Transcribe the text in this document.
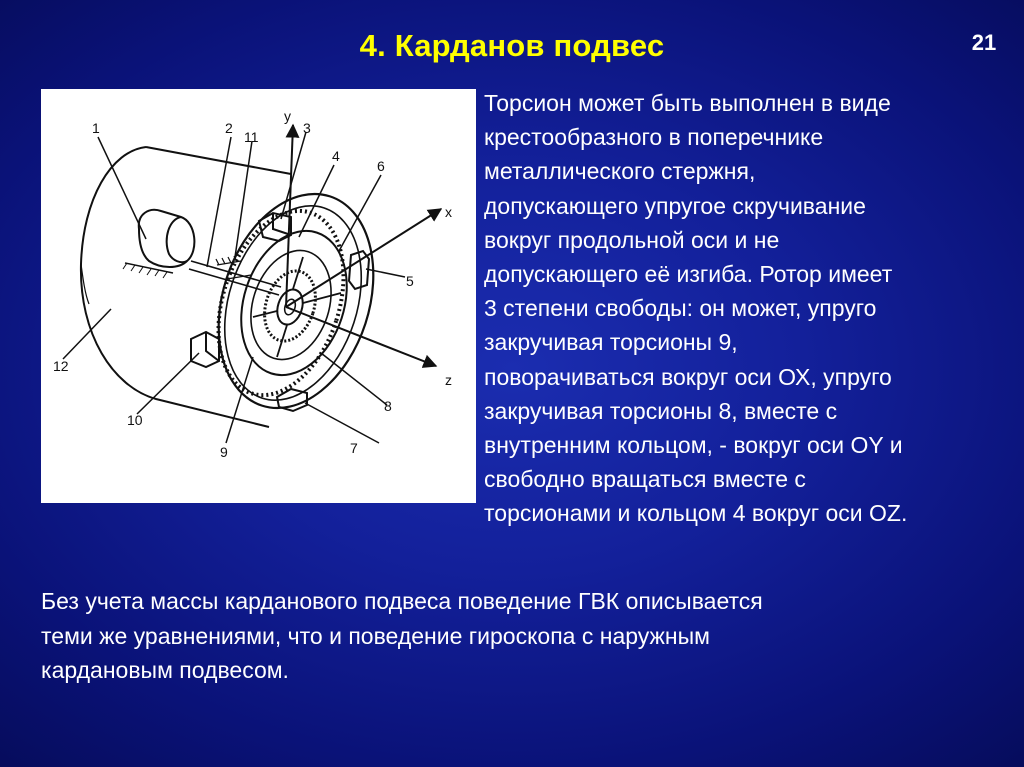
4. Карданов подвес	21
1	2	3
4
6
11
5
8
7
9
10
12
y
x
z
Торсион может быть выполнен в виде
крестообразного в поперечнике
металлического стержня,
допускающего упругое скручивание
вокруг продольной оси и не
допускающего её изгиба. Ротор имеет
3 степени свободы: он может, упруго
закручивая торсионы 9,
поворачиваться вокруг оси ОХ, упруго
закручивая торсионы 8, вместе с
внутренним кольцом, - вокруг оси ОY и
свободно вращаться вместе с
торсионами и кольцом 4 вокруг оси OZ.
Без учета массы карданового подвеса поведение ГВК описывается
теми же уравнениями, что и поведение гироскопа с наружным
кардановым подвесом.
